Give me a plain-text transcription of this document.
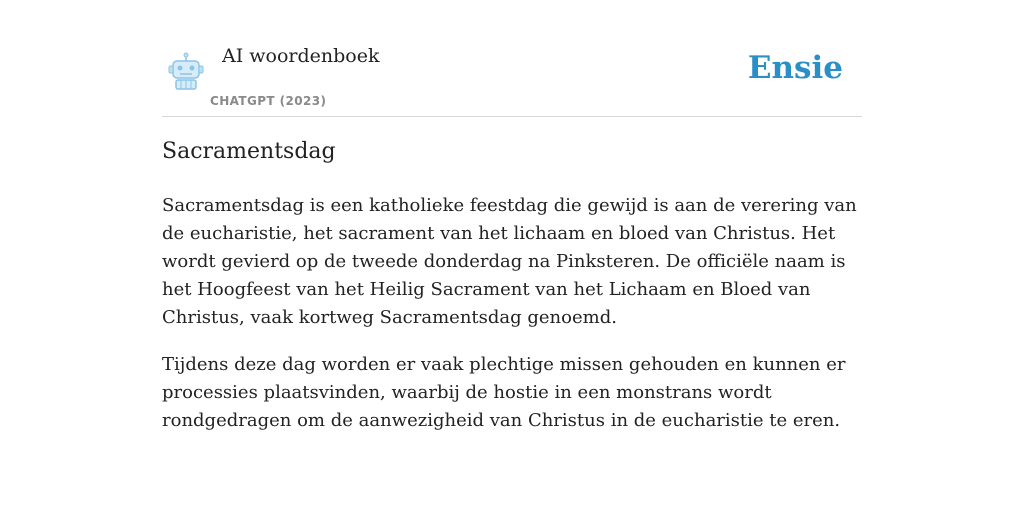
AI woordenboek
CHATGPT (2023)
Ensie
Sacramentsdag

Sacramentsdag is een katholieke feestdag die gewijd is aan de verering van de eucharistie, het sacrament van het lichaam en bloed van Christus. Het wordt gevierd op de tweede donderdag na Pinksteren. De officiële naam is het Hoogfeest van het Heilig Sacrament van het Lichaam en Bloed van Christus, vaak kortweg Sacramentsdag genoemd.

Tijdens deze dag worden er vaak plechtige missen gehouden en kunnen er processies plaatsvinden, waarbij de hostie in een monstrans wordt rondgedragen om de aanwezigheid van Christus in de eucharistie te eren.
